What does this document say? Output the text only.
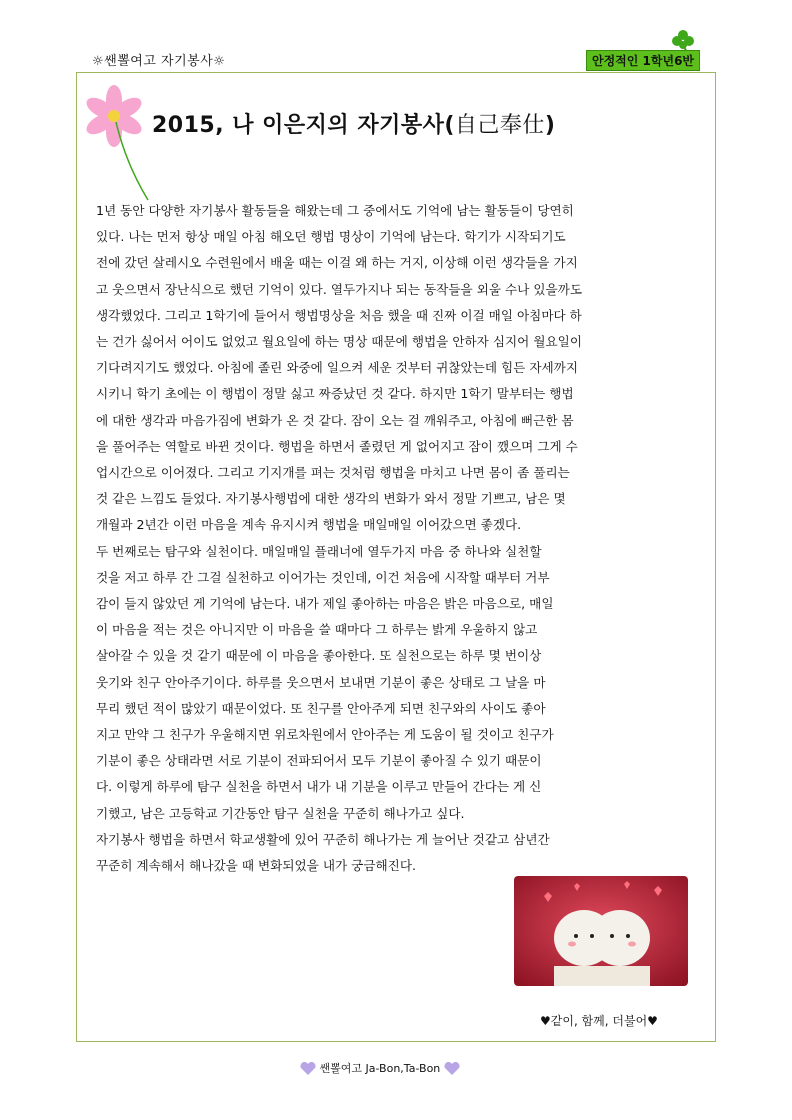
☼쌘뽈여고 자기봉사☼	안정적인 1학년6반
2015, 나 이은지의 자기봉사(自己奉仕)

1년 동안 다양한 자기봉사 활동들을 해왔는데 그 중에서도 기억에 남는 활동들이 당연히
있다. 나는 먼저 항상 매일 아침 해오던 행법 명상이 기억에 남는다. 학기가 시작되기도
전에 갔던 살레시오 수련원에서 배울 때는 이걸 왜 하는 거지, 이상해 이런 생각들을 가지
고 웃으면서 장난식으로 했던 기억이 있다. 열두가지나 되는 동작들을 외울 수나 있을까도
생각했었다. 그리고 1학기에 들어서 행법명상을 처음 했을 때 진짜 이걸 매일 아침마다 하
는 건가 싫어서 어이도 없었고 월요일에 하는 명상 때문에 행법을 안하자 심지어 월요일이
기다려지기도 했었다. 아침에 졸린 와중에 일으켜 세운 것부터 귀찮았는데 힘든 자세까지
시키니 학기 초에는 이 행법이 정말 싫고 짜증났던 것 같다. 하지만 1학기 말부터는 행법
에 대한 생각과 마음가짐에 변화가 온 것 같다. 잠이 오는 걸 깨워주고, 아침에 뻐근한 몸
을 풀어주는 역할로 바뀐 것이다. 행법을 하면서 졸렸던 게 없어지고 잠이 깼으며 그게 수
업시간으로 이어졌다. 그리고 기지개를 펴는 것처럼 행법을 마치고 나면 몸이 좀 풀리는
것 같은 느낌도 들었다. 자기봉사행법에 대한 생각의 변화가 와서 정말 기쁘고, 남은 몇
개월과 2년간 이런 마음을 계속 유지시켜 행법을 매일매일 이어갔으면 좋겠다.

두 번째로는 탐구와 실천이다. 매일매일 플래너에 열두가지 마음 중 하나와 실천할
것을 저고 하루 간 그걸 실천하고 이어가는 것인데, 이건 처음에 시작할 때부터 거부
감이 들지 않았던 게 기억에 남는다. 내가 제일 좋아하는 마음은 밝은 마음으로, 매일
이 마음을 적는 것은 아니지만 이 마음을 쓸 때마다 그 하루는 밝게 우울하지 않고
살아갈 수 있을 것 같기 때문에 이 마음을 좋아한다. 또 실천으로는 하루 몇 번이상
웃기와 친구 안아주기이다. 하루를 웃으면서 보내면 기분이 좋은 상태로 그 날을 마
무리 했던 적이 많았기 때문이었다. 또 친구를 안아주게 되면 친구와의 사이도 좋아
지고 만약 그 친구가 우울해지면 위로차원에서 안아주는 게 도움이 될 것이고 친구가
기분이 좋은 상태라면 서로 기분이 전파되어서 모두 기분이 좋아질 수 있기 때문이
다. 이렇게 하루에 탐구 실천을 하면서 내가 내 기분을 이루고 만들어 간다는 게 신
기했고, 남은 고등학교 기간동안 탐구 실천을 꾸준히 해나가고 싶다.

자기봉사 행법을 하면서 학교생활에 있어 꾸준히 해나가는 게 늘어난 것같고 삼년간
꾸준히 계속해서 해나갔을 때 변화되었을 내가 궁금해진다.

♥같이, 함께, 더불어♥
쌘뽈여고 Ja-Bon,Ta-Bon
